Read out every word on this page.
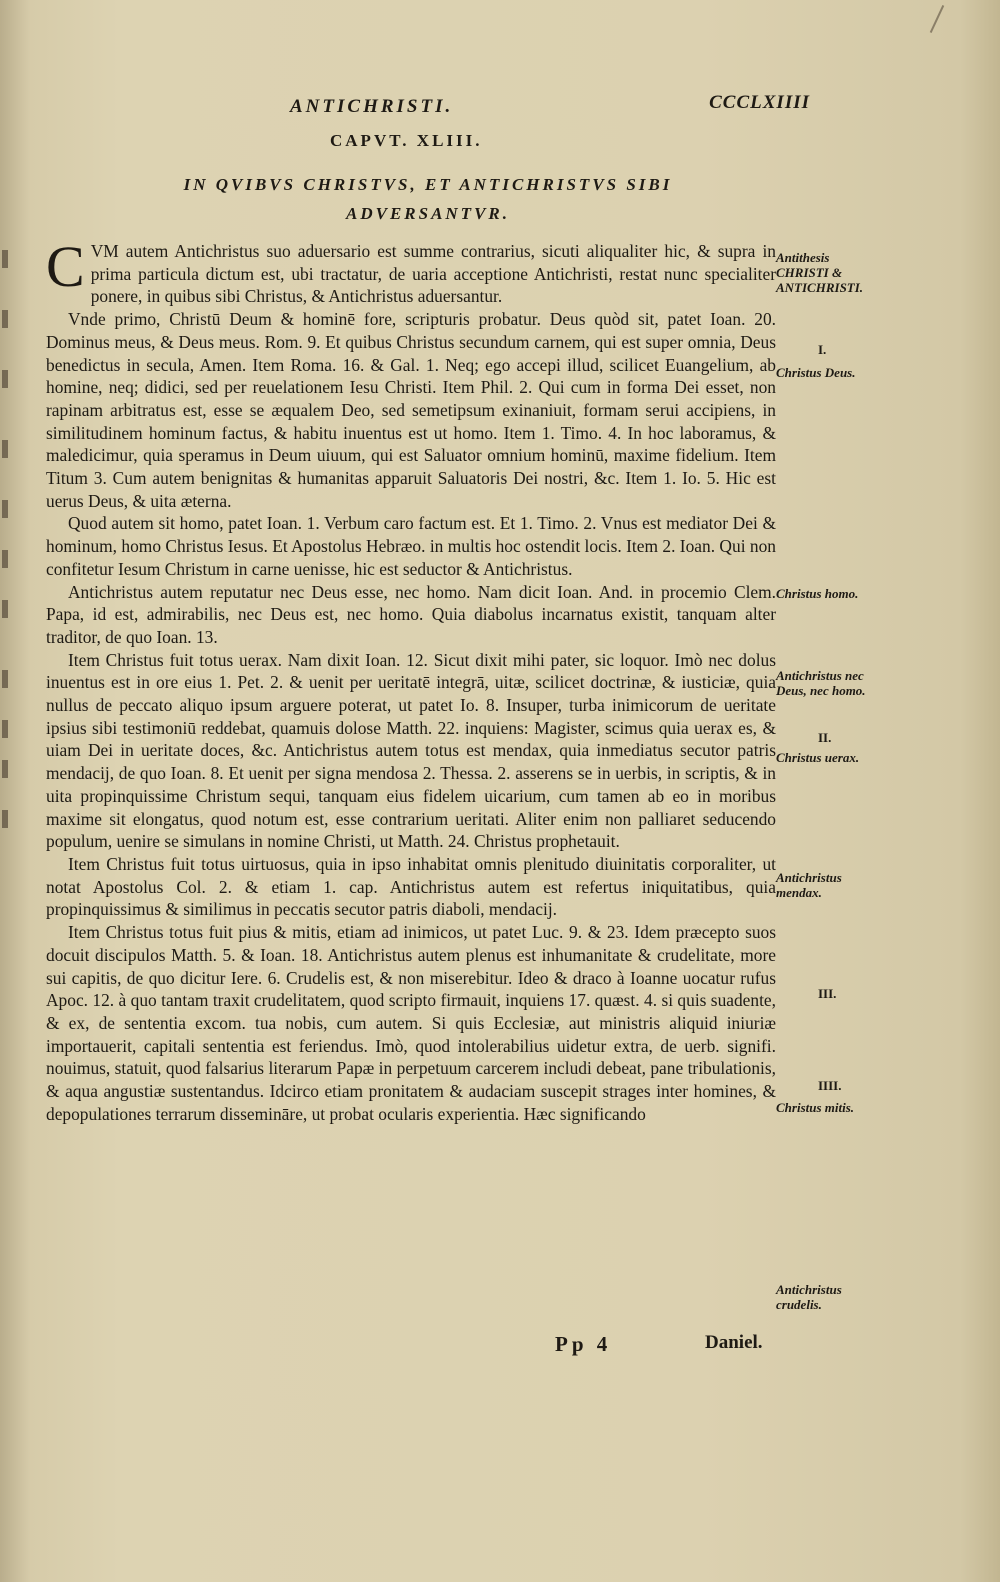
ANTICHRISTI.	CCCLXIIII
CAPVT. XLIII.
IN QVIBVS CHRISTVS, ET ANTICHRISTVS SIBI ADVERSANTVR.

CVM autem Antichristus suo aduersario est summe contrarius, sicuti aliqualiter hic, & supra in prima particula dictum est, ubi tractatur, de uaria acceptione Antichristi, restat nunc specialiter ponere, in quibus sibi Christus, & Antichristus aduersantur.

Vnde primo, Christū Deum & hominē fore, scripturis probatur. Deus quòd sit, patet Ioan. 20. Dominus meus, & Deus meus. Rom. 9. Et quibus Christus secundum carnem, qui est super omnia, Deus benedictus in secula, Amen. Item Roma. 16. & Gal. 1. Neq; ego accepi illud, scilicet Euangelium, ab homine, neq; didici, sed per reuelationem Iesu Christi. Item Phil. 2. Qui cum in forma Dei esset, non rapinam arbitratus est, esse se æqualem Deo, sed semetipsum exinaniuit, formam serui accipiens, in similitudinem hominum factus, & habitu inuentus est ut homo. Item 1. Timo. 4. In hoc laboramus, & maledicimur, quia speramus in Deum uiuum, qui est Saluator omnium hominū, maxime fidelium. Item Titum 3. Cum autem benignitas & humanitas apparuit Saluatoris Dei nostri, &c. Item 1. Io. 5. Hic est uerus Deus, & uita æterna.

Quod autem sit homo, patet Ioan. 1. Verbum caro factum est. Et 1. Timo. 2. Vnus est mediator Dei & hominum, homo Christus Iesus. Et Apostolus Hebræo. in multis hoc ostendit locis. Item 2. Ioan. Qui non confitetur Iesum Christum in carne uenisse, hic est seductor & Antichristus.

Antichristus autem reputatur nec Deus esse, nec homo. Nam dicit Ioan. And. in procemio Clem. Papa, id est, admirabilis, nec Deus est, nec homo. Quia diabolus incarnatus existit, tanquam alter traditor, de quo Ioan. 13.

Item Christus fuit totus uerax. Nam dixit Ioan. 12. Sicut dixit mihi pater, sic loquor. Imò nec dolus inuentus est in ore eius 1. Pet. 2. & uenit per ueritatē integrā, uitæ, scilicet doctrinæ, & iusticiæ, quia nullus de peccato aliquo ipsum arguere poterat, ut patet Io. 8. Insuper, turba inimicorum de ueritate ipsius sibi testimoniū reddebat, quamuis dolose Matth. 22. inquiens: Magister, scimus quia uerax es, & uiam Dei in ueritate doces, &c. Antichristus autem totus est mendax, quia inmediatus secutor patris mendacij, de quo Ioan. 8. Et uenit per signa mendosa 2. Thessa. 2. asserens se in uerbis, in scriptis, & in uita propinquissime Christum sequi, tanquam eius fidelem uicarium, cum tamen ab eo in moribus maxime sit elongatus, quod notum est, esse contrarium ueritati. Aliter enim non palliaret seducendo populum, uenire se simulans in nomine Christi, ut Matth. 24. Christus prophetauit.

Item Christus fuit totus uirtuosus, quia in ipso inhabitat omnis plenitudo diuinitatis corporaliter, ut notat Apostolus Col. 2. & etiam 1. cap. Antichristus autem est refertus iniquitatibus, quia propinquissimus & similimus in peccatis secutor patris diaboli, mendacij.

Item Christus totus fuit pius & mitis, etiam ad inimicos, ut patet Luc. 9. & 23. Idem præcepto suos docuit discipulos Matth. 5. & Ioan. 18. Antichristus autem plenus est inhumanitate & crudelitate, more sui capitis, de quo dicitur Iere. 6. Crudelis est, & non miserebitur. Ideo & draco à Ioanne uocatur rufus Apoc. 12. à quo tantam traxit crudelitatem, quod scripto firmauit, inquiens 17. quæst. 4. si quis suadente, & ex, de sententia excom. tua nobis, cum autem. Si quis Ecclesiæ, aut ministris aliquid iniuriæ importauerit, capitali sententia est feriendus. Imò, quod intolerabilius uidetur extra, de uerb. signifi. nouimus, statuit, quod falsarius literarum Papæ in perpetuum carcerem includi debeat, pane tribulationis, & aqua angustiæ sustentandus. Idcirco etiam pronitatem & audaciam suscepit strages inter homines, & depopulationes terrarum dissemināre, ut probat ocularis experientia. Hæc significando

Antithesis CHRISTI & ANTICHRISTI.
I.
Christus Deus.
Christus homo.
Antichristus nec Deus, nec homo.
II.
Christus uerax.
Antichristus mendax.
III.
IIII.
Christus mitis.
Antichristus crudelis.
Pp 4	Daniel.
